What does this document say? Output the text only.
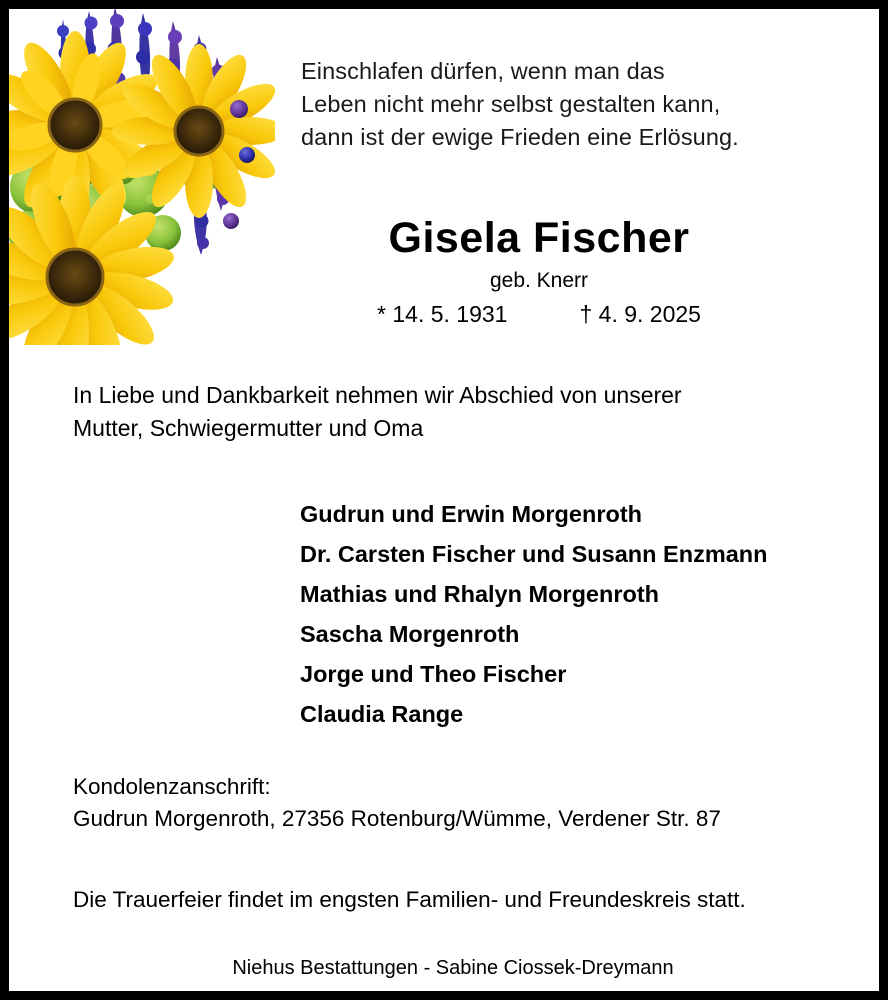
Einschlafen dürfen, wenn man das
Leben nicht mehr selbst gestalten kann,
dann ist der ewige Frieden eine Erlösung.
Gisela Fischer
geb. Knerr
* 14. 5. 1931	† 4. 9. 2025
In Liebe und Dankbarkeit nehmen wir Abschied von unserer
Mutter, Schwiegermutter und Oma
Gudrun und Erwin Morgenroth
Dr. Carsten Fischer und Susann Enzmann
Mathias und Rhalyn Morgenroth
Sascha Morgenroth
Jorge und Theo Fischer
Claudia Range
Kondolenzanschrift:
Gudrun Morgenroth, 27356 Rotenburg/Wümme, Verdener Str. 87
Die Trauerfeier findet im engsten Familien- und Freundeskreis statt.
Niehus Bestattungen - Sabine Ciossek-Dreymann
